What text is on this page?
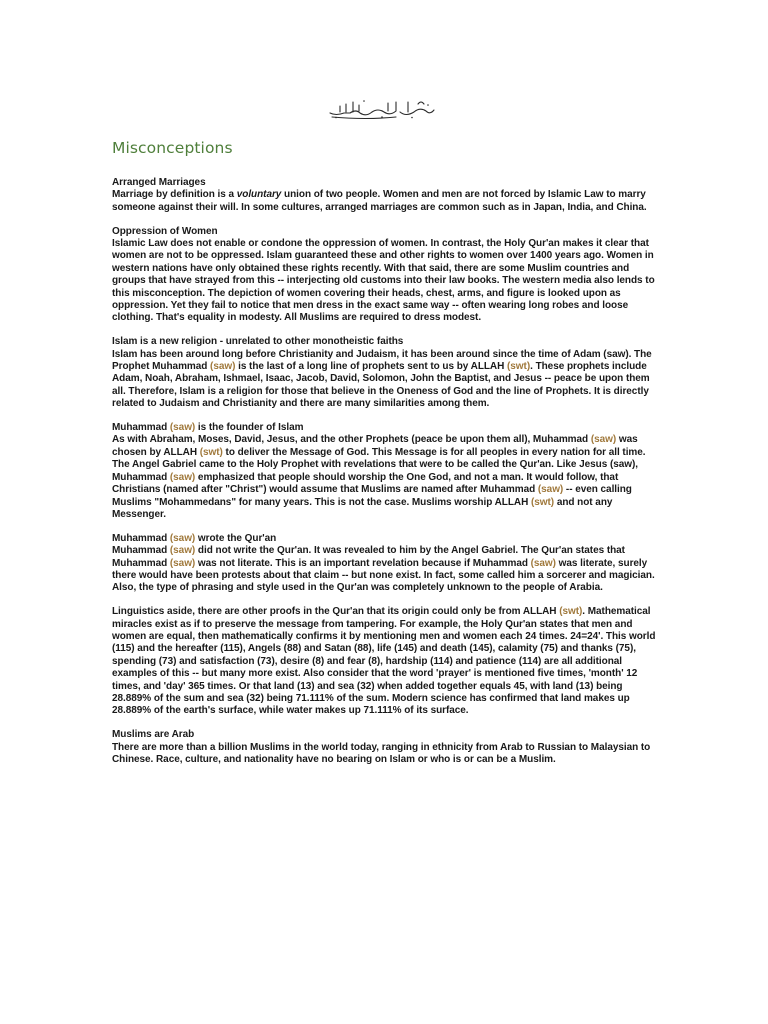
Misconceptions
Arranged Marriages

Marriage by definition is a voluntary union of two people. Women and men are not forced by Islamic Law to marry someone against their will. In some cultures, arranged marriages are common such as in Japan, India, and China.

Oppression of Women

Islamic Law does not enable or condone the oppression of women. In contrast, the Holy Qur'an makes it clear that women are not to be oppressed. Islam guaranteed these and other rights to women over 1400 years ago. Women in western nations have only obtained these rights recently. With that said, there are some Muslim countries and groups that have strayed from this -- interjecting old customs into their law books. The western media also lends to this misconception. The depiction of women covering their heads, chest, arms, and figure is looked upon as oppression. Yet they fail to notice that men dress in the exact same way -- often wearing long robes and loose clothing. That's equality in modesty. All Muslims are required to dress modest.

Islam is a new religion - unrelated to other monotheistic faiths

Islam has been around long before Christianity and Judaism, it has been around since the time of Adam (saw). The Prophet Muhammad (saw) is the last of a long line of prophets sent to us by ALLAH (swt). These prophets include Adam, Noah, Abraham, Ishmael, Isaac, Jacob, David, Solomon, John the Baptist, and Jesus -- peace be upon them all. Therefore, Islam is a religion for those that believe in the Oneness of God and the line of Prophets. It is directly related to Judaism and Christianity and there are many similarities among them.

Muhammad (saw) is the founder of Islam

As with Abraham, Moses, David, Jesus, and the other Prophets (peace be upon them all), Muhammad (saw) was chosen by ALLAH (swt) to deliver the Message of God. This Message is for all peoples in every nation for all time. The Angel Gabriel came to the Holy Prophet with revelations that were to be called the Qur'an. Like Jesus (saw), Muhammad (saw) emphasized that people should worship the One God, and not a man. It would follow, that Christians (named after "Christ") would assume that Muslims are named after Muhammad (saw) -- even calling Muslims "Mohammedans" for many years. This is not the case. Muslims worship ALLAH (swt) and not any Messenger.

Muhammad (saw) wrote the Qur'an

Muhammad (saw) did not write the Qur'an. It was revealed to him by the Angel Gabriel. The Qur'an states that Muhammad (saw) was not literate. This is an important revelation because if Muhammad (saw) was literate, surely there would have been protests about that claim -- but none exist. In fact, some called him a sorcerer and magician. Also, the type of phrasing and style used in the Qur'an was completely unknown to the people of Arabia.

Linguistics aside, there are other proofs in the Qur'an that its origin could only be from ALLAH (swt). Mathematical miracles exist as if to preserve the message from tampering. For example, the Holy Qur'an states that men and women are equal, then mathematically confirms it by mentioning men and women each 24 times. 24=24'. This world (115) and the hereafter (115), Angels (88) and Satan (88), life (145) and death (145), calamity (75) and thanks (75), spending (73) and satisfaction (73), desire (8) and fear (8), hardship (114) and patience (114) are all additional examples of this -- but many more exist. Also consider that the word 'prayer' is mentioned five times, 'month' 12 times, and 'day' 365 times. Or that land (13) and sea (32) when added together equals 45, with land (13) being 28.889% of the sum and sea (32) being 71.111% of the sum. Modern science has confirmed that land makes up 28.889% of the earth's surface, while water makes up 71.111% of its surface.

Muslims are Arab

There are more than a billion Muslims in the world today, ranging in ethnicity from Arab to Russian to Malaysian to Chinese. Race, culture, and nationality have no bearing on Islam or who is or can be a Muslim.
